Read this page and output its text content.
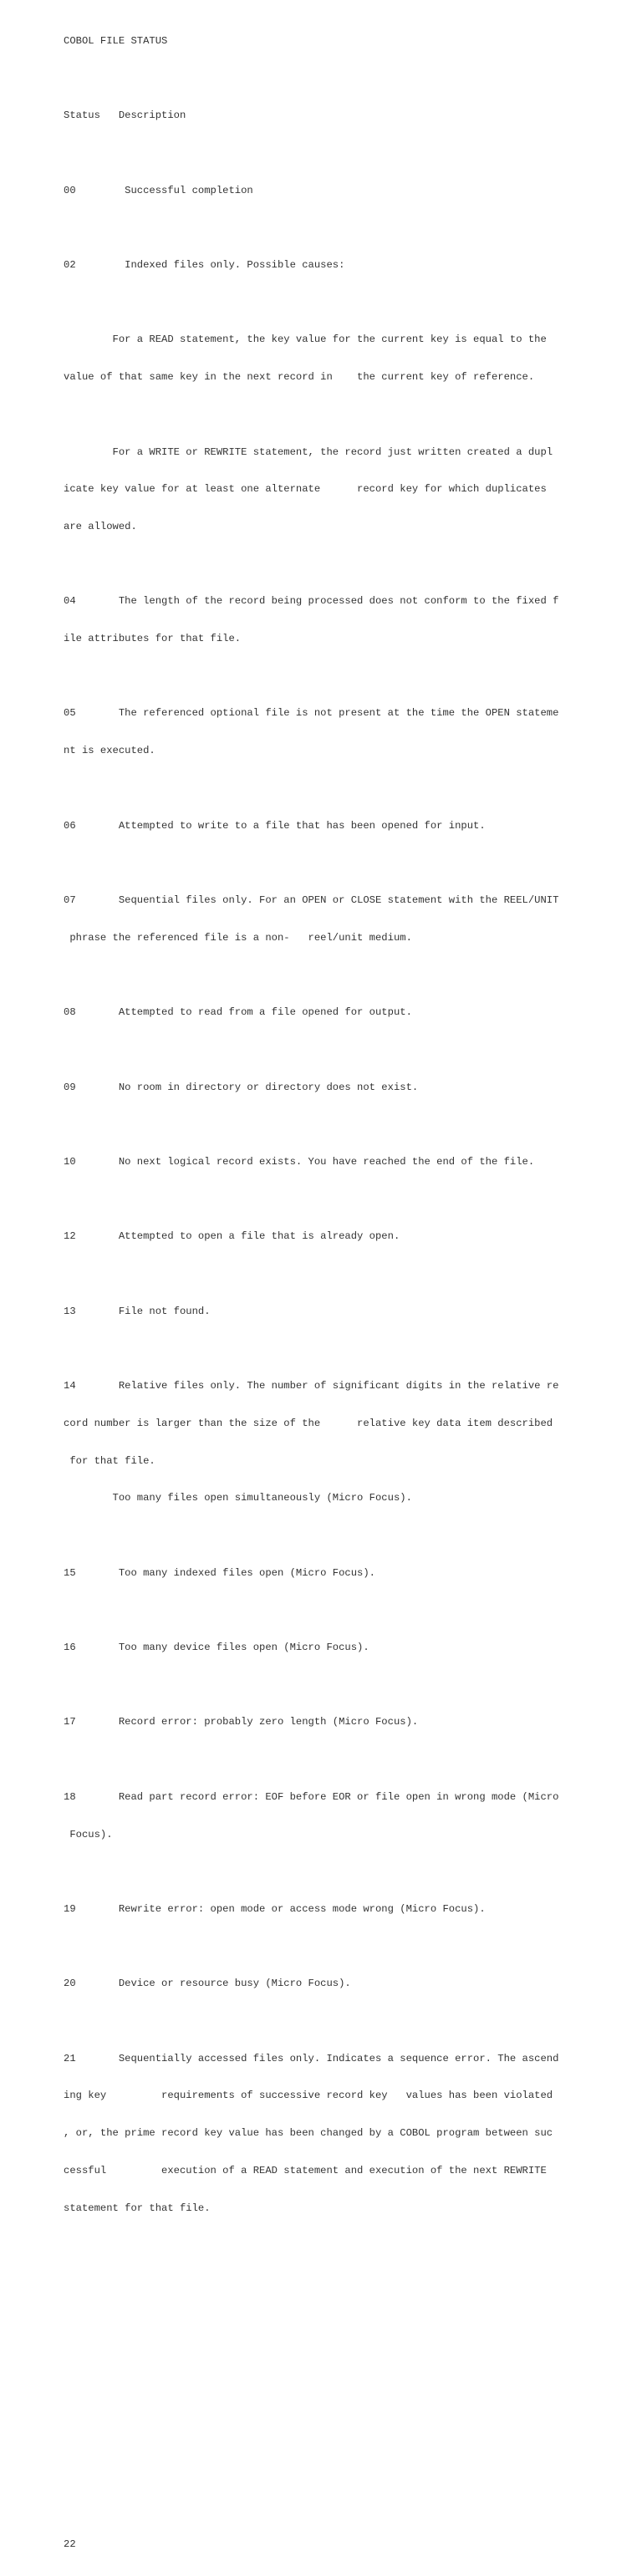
COBOL FILE STATUS

Status   Description

00        Successful completion

02        Indexed files only. Possible causes:

For a READ statement, the key value for the current key is equal to the

value of that same key in the next record in    the current key of reference.

For a WRITE or REWRITE statement, the record just written created a dupl

icate key value for at least one alternate      record key for which duplicates

are allowed.

04       The length of the record being processed does not conform to the fixed f

ile attributes for that file.

05       The referenced optional file is not present at the time the OPEN stateme

nt is executed.

06       Attempted to write to a file that has been opened for input.

07       Sequential files only. For an OPEN or CLOSE statement with the REEL/UNIT

phrase the referenced file is a non-   reel/unit medium.

08       Attempted to read from a file opened for output.

09       No room in directory or directory does not exist.

10       No next logical record exists. You have reached the end of the file.

12       Attempted to open a file that is already open.

13       File not found.

14       Relative files only. The number of significant digits in the relative re

cord number is larger than the size of the      relative key data item described

for that file.

Too many files open simultaneously (Micro Focus).

15       Too many indexed files open (Micro Focus).

16       Too many device files open (Micro Focus).

17       Record error: probably zero length (Micro Focus).

18       Read part record error: EOF before EOR or file open in wrong mode (Micro

Focus).

19       Rewrite error: open mode or access mode wrong (Micro Focus).

20       Device or resource busy (Micro Focus).

21       Sequentially accessed files only. Indicates a sequence error. The ascend

ing key         requirements of successive record key   values has been violated

, or, the prime record key value has been changed by a COBOL program between suc

cessful         execution of a READ statement and execution of the next REWRITE

statement for that file.

22
